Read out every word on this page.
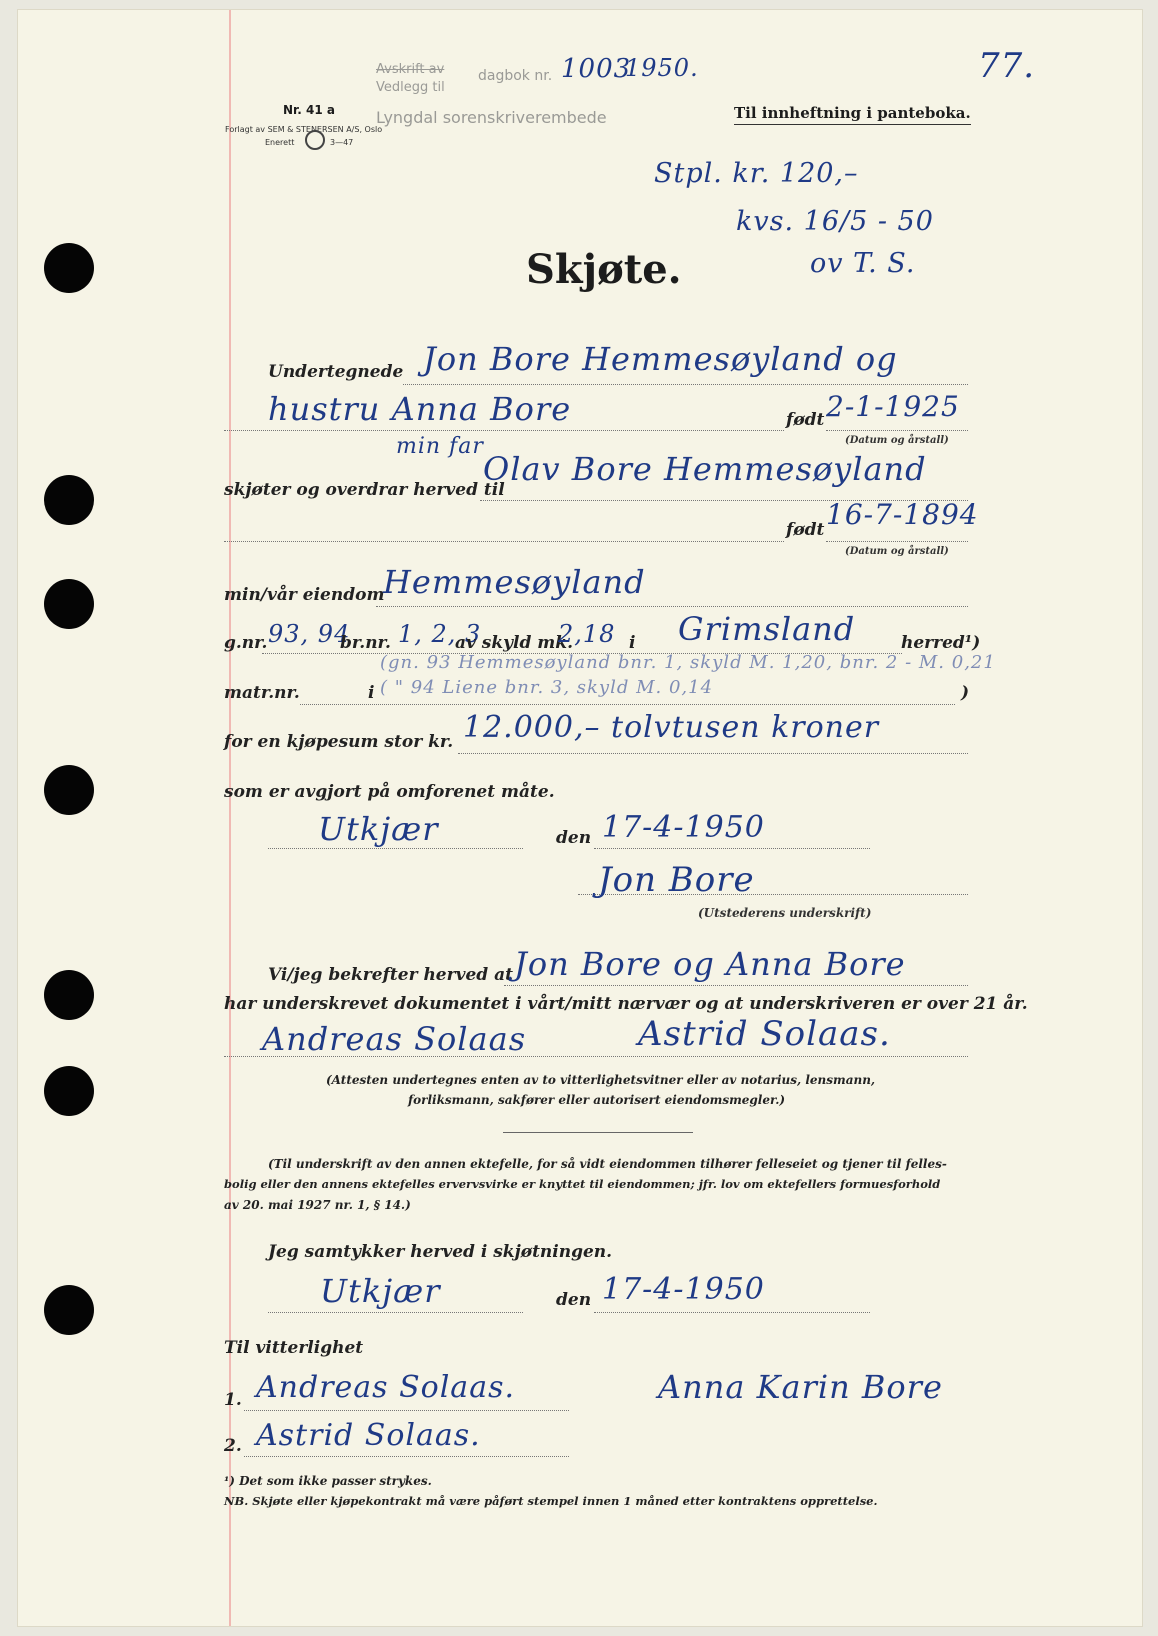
Nr. 41 a
Forlagt av SEM & STENERSEN A/S, Oslo
Enerett	3—47
Avskrift av
Vedlegg til
dagbok nr. 1003
1950.
Lyngdal sorenskriverembede	Til innheftning i panteboka.
77.
Stpl. kr. 120,–
kvs. 16/5 - 50
ov T. S.
Skjøte.
Undertegnede Jon Bore Hemmesøyland og
hustru Anna Bore	født 2-1-1925
(Datum og årstall)
min far
skjøter og overdrar herved til
Olav Bore Hemmesøyland
født 16-7-1894
(Datum og årstall)
min/vår eiendom
Hemmesøyland
g.nr. 93, 94
br.nr. 1, 2, 3
av skyld mk.
2,18 i Grimsland	herred¹)
(gn. 93 Hemmesøyland bnr. 1, skyld M. 1,20, bnr. 2 - M. 0,21
matr.nr.	i ( " 94 Liene bnr. 3, skyld M. 0,14	)
for en kjøpesum stor kr. 12.000,– tolvtusen kroner
som er avgjort på omforenet måte.
Utkjær	den 17-4-1950
Jon Bore
(Utstederens underskrift)
Vi/jeg bekrefter herved at Jon Bore og Anna Bore
har underskrevet dokumentet i vårt/mitt nærvær og at underskriveren er over 21 år.
Andreas Solaas	Astrid Solaas.
(Attesten undertegnes enten av to vitterlighetsvitner eller av notarius, lensmann,
forliksmann, sakfører eller autorisert eiendomsmegler.)
(Til underskrift av den annen ektefelle, for så vidt eiendommen tilhører felleseiet og tjener til felles-
bolig eller den annens ektefelles ervervsvirke er knyttet til eiendommen; jfr. lov om ektefellers formuesforhold
av 20. mai 1927 nr. 1, § 14.)
Jeg samtykker herved i skjøtningen.
Utkjær	den 17-4-1950
Til vitterlighet
1. Andreas Solaas.	Anna Karin Bore
2. Astrid Solaas.
¹) Det som ikke passer strykes.
NB. Skjøte eller kjøpekontrakt må være påført stempel innen 1 måned etter kontraktens opprettelse.
